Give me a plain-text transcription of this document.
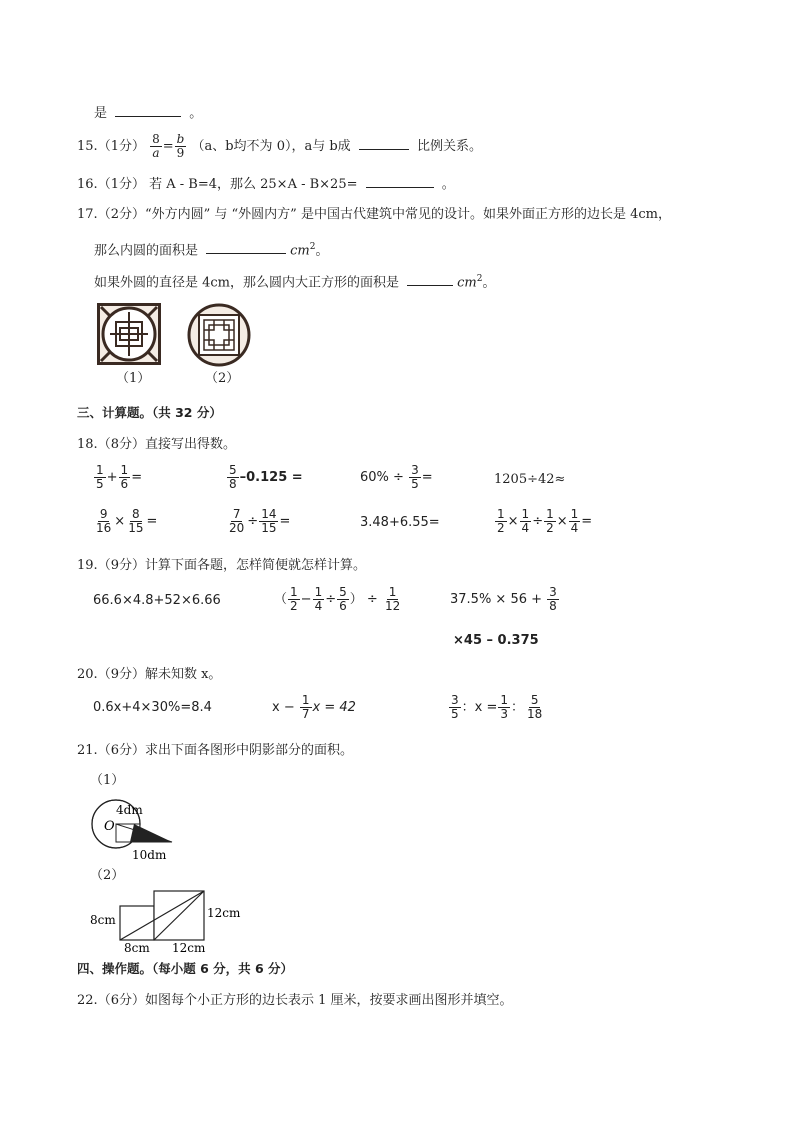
是	。
15.（1分） $\frac{8}{a} = \frac{b}{9} (a$、b均不为 0），a与 b成	比例关系。
16.（1分） 若 A - B=4，那么 25×A - B×25=	。
17.（2分）“外方内圆” 与 “外圆内方” 是中国古代建筑中常见的设计。如果外面正方形的边长是 4cm，
那么内圆的面积是	$cm^2$。
如果外圆的直径是 4cm，那么圆内大正方形的面积是	$cm^2$。
（1）	（2）
三、计算题。（共 32 分）
18.（8分）直接写出得数。
$\frac{1}{5} + \frac{1}{6}$ =	$\frac{5}{8} -0.125$ =	$60\% \div \frac{3}{5}$ =	1205÷42≈
$\frac{9}{16} \times \frac{8}{15}$ =	$\frac{7}{20} \div \frac{14}{15}$ =	3.48+6.55=	$\frac{1}{2} \times \frac{1}{4} \div \frac{1}{2} \times \frac{1}{4}$ =
19.（9分）计算下面各题，怎样简便就怎样计算。
66.6×4.8+52×6.66	（ $\frac{1}{2} - \frac{1}{4} \div \frac{5}{6}$ ） ÷ $\frac{1}{12}$	$37.5\% \times 56 + \frac{3}{8}$
×45 – 0.375
20.（9分）解未知数 x。
0.6x+4×30%=8.4	$x - \frac{1}{7}$ x = 42	$\frac{3}{5}$ ：$x = \frac{1}{3}$ ： $\frac{5}{18}$
21.（6分）求出下面各图形中阴影部分的面积。
（1）
4dm
O
10dm
（2）
8cm
8cm 12cm
12cm
四、操作题。（每小题 6 分，共 6 分）
22.（6分）如图每个小正方形的边长表示 1 厘米，按要求画出图形并填空。
